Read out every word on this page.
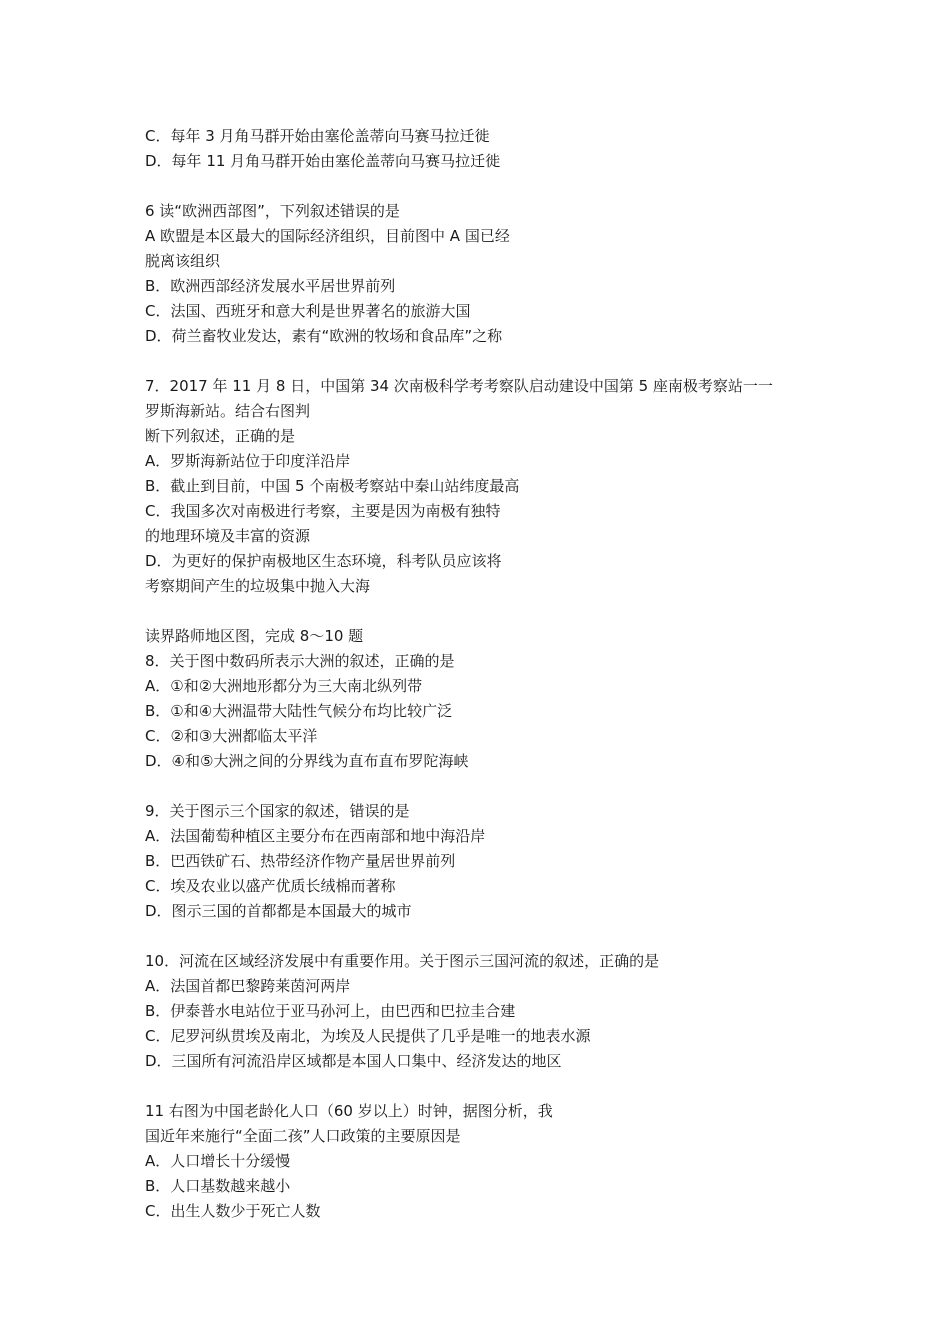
C．每年 3 月角马群开始由塞伦盖蒂向马赛马拉迁徙
D．每年 11 月角马群开始由塞伦盖蒂向马赛马拉迁徙
6 读“欧洲西部图”，下列叙述错误的是
A 欧盟是本区最大的国际经济组织，目前图中 A 国已经
脱离该组织
B．欧洲西部经济发展水平居世界前列
C．法国、西班牙和意大利是世界著名的旅游大国
D．荷兰畜牧业发达，素有“欧洲的牧场和食品库”之称
7．2017 年 11 月 8 日，中国第 34 次南极科学考考察队启动建设中国第 5 座南极考察站一一
罗斯海新站。结合右图判
断下列叙述，正确的是
A．罗斯海新站位于印度洋沿岸
B．截止到目前，中国 5 个南极考察站中秦山站纬度最高
C．我国多次对南极进行考察，主要是因为南极有独特
的地理环境及丰富的资源
D．为更好的保护南极地区生态环境，科考队员应该将
考察期间产生的垃圾集中抛入大海
读界路师地区图，完成 8～10 题
8．关于图中数码所表示大洲的叙述，正确的是
A．①和②大洲地形都分为三大南北纵列带
B．①和④大洲温带大陆性气候分布均比较广泛
C．②和③大洲都临太平洋
D．④和⑤大洲之间的分界线为直布直布罗陀海峡
9．关于图示三个国家的叙述，错误的是
A．法国葡萄种植区主要分布在西南部和地中海沿岸
B．巴西铁矿石、热带经济作物产量居世界前列
C．埃及农业以盛产优质长绒棉而著称
D．图示三国的首都都是本国最大的城市
10．河流在区域经济发展中有重要作用。关于图示三国河流的叙述，正确的是
A．法国首都巴黎跨莱茵河两岸
B．伊泰普水电站位于亚马孙河上，由巴西和巴拉圭合建
C．尼罗河纵贯埃及南北，为埃及人民提供了几乎是唯一的地表水源
D．三国所有河流沿岸区域都是本国人口集中、经济发达的地区
11 右图为中国老龄化人口（60 岁以上）时钟，据图分析，我
国近年来施行“全面二孩”人口政策的主要原因是
A．人口增长十分缓慢
B．人口基数越来越小
C．出生人数少于死亡人数
